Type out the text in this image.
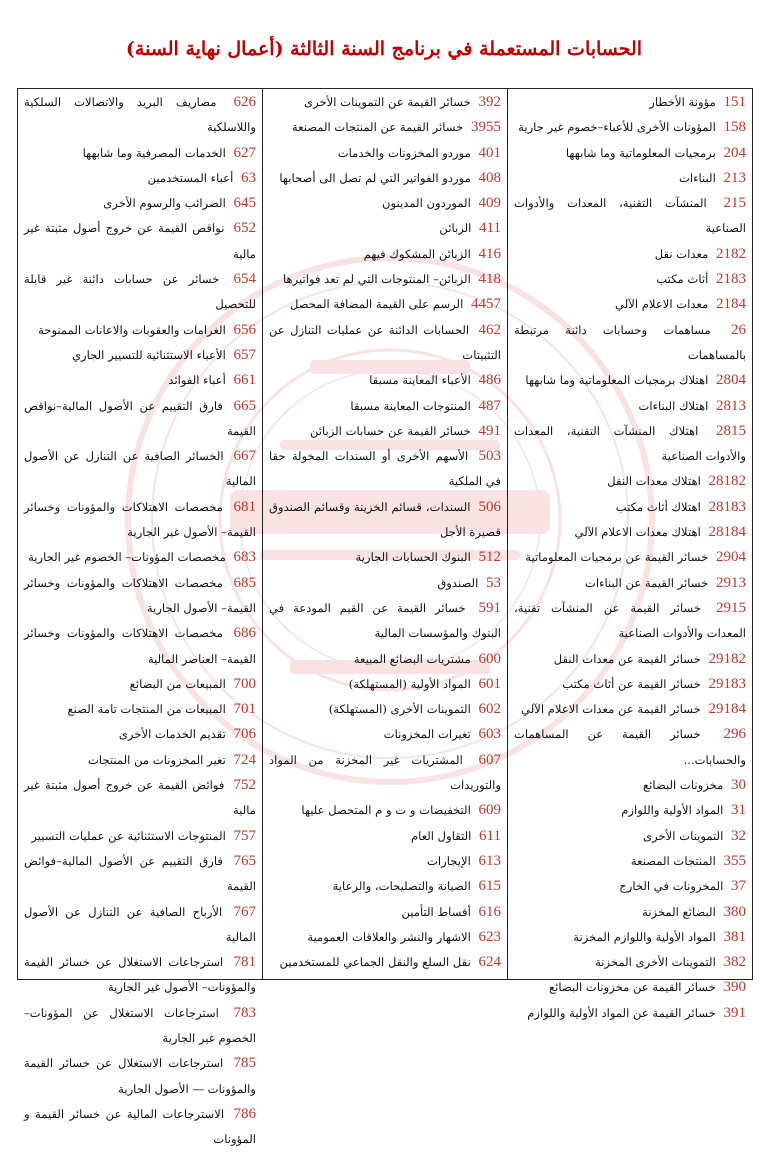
الحسابات المستعملة في برنامج السنة الثالثة (أعمال نهاية السنة)

151 مؤونة الأخطار

158 المؤونات الأخرى للأعباء–خصوم غير جارية

204 برمجيات المعلوماتية وما شابهها

213 البناءات

215 المنشآت التقنية، المعدات والأدوات الصناعية

2182 معدات نقل

2183 أثاث مكتب

2184 معدات الاعلام الآلي

26 مساهمات وحسابات دائنة مرتبطة بالمساهمات

2804 اهتلاك برمجيات المعلوماتية وما شابهها

2813 اهتلاك البناءات

2815 اهتلاك المنشآت التقنية، المعدات والأدوات الصناعية

28182 اهتلاك معدات النقل

28183 اهتلاك أثاث مكتب

28184 اهتلاك معدات الاعلام الآلي

2904 خسائر القيمة عن برمجيات المعلوماتية

2913 خسائر القيمة عن البناءات

2915 خسائر القيمة عن المنشآت تقنية، المعدات والأدوات الصناعية

29182 خسائر القيمة عن معدات النقل

29183 خسائر القيمة عن أثاث مكتب

29184 خسائر القيمة عن معدات الاعلام الآلي

296 خسائر القيمة عن المساهمات والحسابات...

30 مخزونات البضائع

31 المواد الأولية واللوازم

32 التموينات الأخرى

355 المنتجات المصنعة

37 المخزونات في الخارج

380 البضائع المخزنة

381 المواد الأولية واللوازم المخزنة

382 التموينات الأخرى المخزنة

390 خسائر القيمة عن مخزونات البضائع

391 خسائر القيمة عن المواد الأولية واللوازم

392 خسائر القيمة عن التموينات الأخرى

3955 خسائر القيمة عن المنتجات المصنعة

401 موردو المخزونات والخدمات

408 موردو الفواتير التي لم تصل الى أصحابها

409 الموردون المدينون

411 الزبائن

416 الزبائن المشكوك فيهم

418 الزبائن– المنتوجات التي لم تعد فواتيرها

4457 الرسم على القيمة المضافة المحصل

462 الحسابات الدائنة عن عمليات التنازل عن التثبيتات

486 الأعباء المعاينة مسبقا

487 المنتوجات المعاينة مسبقا

491 خسائر القيمة عن حسابات الزبائن

503 الأسهم الأخرى أو السندات المخولة حقا في الملكية

506 السندات، قسائم الخزينة وقسائم الصندوق قصيرة الأجل

512 البنوك الحسابات الجارية

53 الصندوق

591 خسائر القيمة عن القيم المودعة في البنوك والمؤسسات المالية

600 مشتريات البضائع المبيعة

601 المواد الأولية (المستهلكة)

602 التموينات الأخرى (المستهلكة)

603 تغيرات المخزونات

607 المشتريات غير المخزنة من المواد والتوريدات

609 التخفيضات و ت و م المتحصل عليها

611 التقاول العام

613 الإيجارات

615 الصيانة والتصليحات، والرعاية

616 أقساط التأمين

623 الاشهار والنشر والعلاقات العمومية

624 نقل السلع والنقل الجماعي للمستخدمين

626 مصاريف البريد والاتصالات السلكية واللاسلكية

627 الخدمات المصرفية وما شابهها

63 أعباء المستخدمين

645 الضرائب والرسوم الأخرى

652 نواقص القيمة عن خروج أصول مثبتة غير مالية

654 خسائر عن حسابات دائنة غير قابلة للتحصيل

656 الغرامات والعقوبات والاعانات الممنوحة

657 الأعباء الاستثنائية للتسيير الجاري

661 أعباء الفوائد

665 فارق التقييم عن الأصول المالية–نواقص القيمة

667 الخسائر الصافية عن التنازل عن الأصول المالية

681 مخصصات الاهتلاكات والمؤونات وخسائر القيمة– الأصول غير الجارية

683 مخصصات المؤونات– الخصوم غير الجارية

685 مخصصات الاهتلاكات والمؤونات وخسائر القيمة– الأصول الجارية

686 مخصصات الاهتلاكات والمؤونات وخسائر القيمة– العناصر المالية

700 المبيعات من البضائع

701 المبيعات من المنتجات تامة الصنع

706 تقديم الخدمات الأخرى

724 تغير المخزونات من المنتجات

752 فوائض القيمة عن خروج أصول مثبتة غير مالية

757 المنتوجات الاستثنائية عن عمليات التسيير

765 فارق التقييم عن الأصول المالية–فوائض القيمة

767 الأرباح الصافية عن التنازل عن الأصول المالية

781 استرجاعات الاستغلال عن خسائر القيمة والمؤونات– الأصول غير الجارية

783 استرجاعات الاستغلال عن المؤونات– الخصوم غير الجارية

785 استرجاعات الاستغلال عن خسائر القيمة والمؤونات — الأصول الجارية

786 الاسترجاعات المالية عن خسائر القيمة و المؤونات
